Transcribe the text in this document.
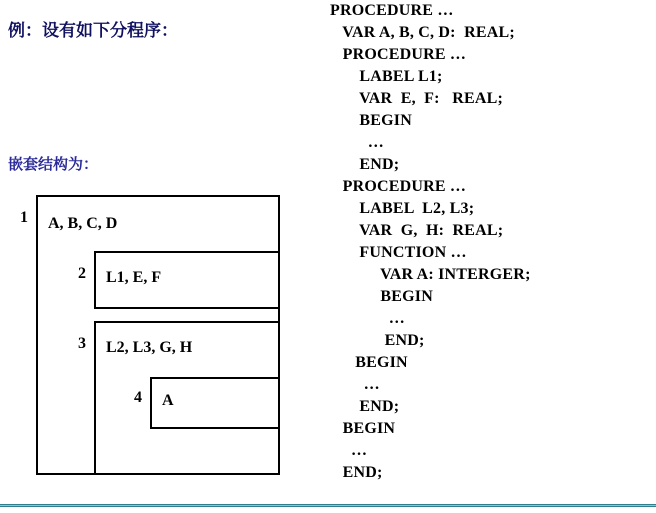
例：设有如下分程序：
嵌套结构为：
1 A, B, C, D
2 L1, E, F
3 L2, L3, G, H
4 A
PROCEDURE …
VAR A, B, C, D:  REAL;
PROCEDURE …
LABEL L1;
VAR  E,  F:   REAL;
BEGIN
…
END;
PROCEDURE …
LABEL  L2, L3;
VAR  G,  H:  REAL;
FUNCTION …
VAR A: INTERGER;
BEGIN
…
END;
BEGIN
…
END;
BEGIN
…
END;
